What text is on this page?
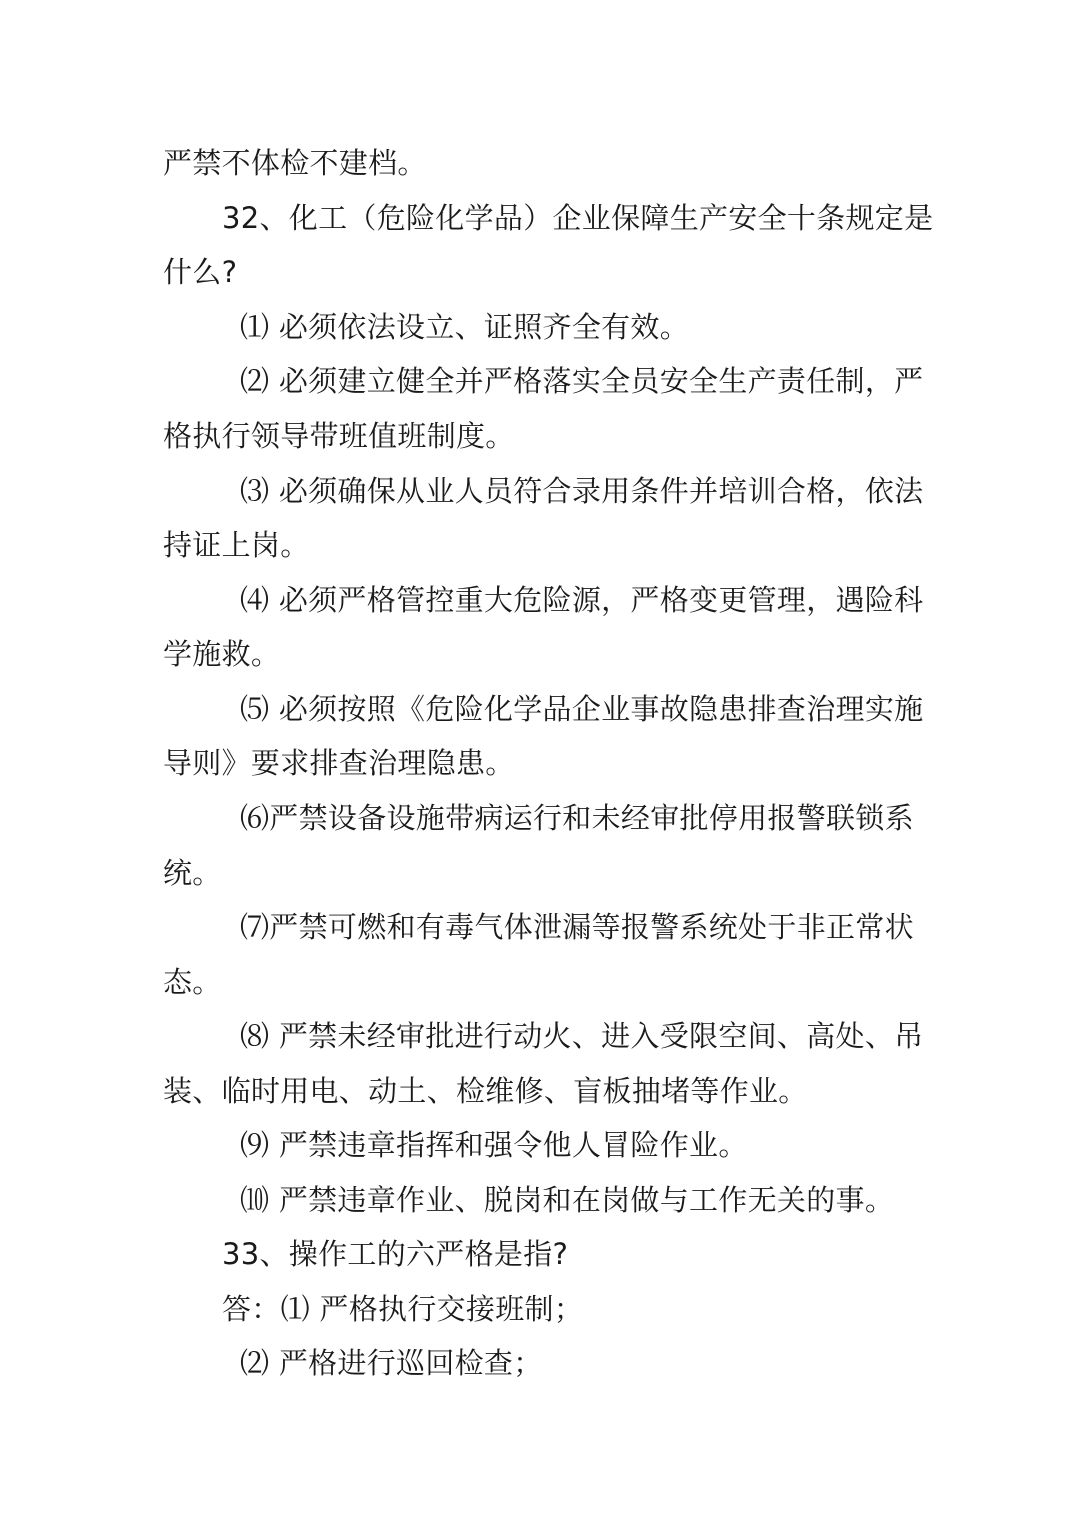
严禁不体检不建档。
32、化工（危险化学品）企业保障生产安全十条规定是
什么?
⑴ 必须依法设立、证照齐全有效。
⑵ 必须建立健全并严格落实全员安全生产责任制，严
格执行领导带班值班制度。
⑶ 必须确保从业人员符合录用条件并培训合格，依法
持证上岗。
⑷ 必须严格管控重大危险源，严格变更管理，遇险科
学施救。
⑸ 必须按照《危险化学品企业事故隐患排查治理实施
导则》要求排查治理隐患。
⑹严禁设备设施带病运行和未经审批停用报警联锁系
统。
⑺严禁可燃和有毒气体泄漏等报警系统处于非正常状
态。
⑻ 严禁未经审批进行动火、进入受限空间、高处、吊
装、临时用电、动土、检维修、盲板抽堵等作业。
⑼ 严禁违章指挥和强令他人冒险作业。
⑽ 严禁违章作业、脱岗和在岗做与工作无关的事。
33、操作工的六严格是指?
答：⑴ 严格执行交接班制；
⑵ 严格进行巡回检查；
